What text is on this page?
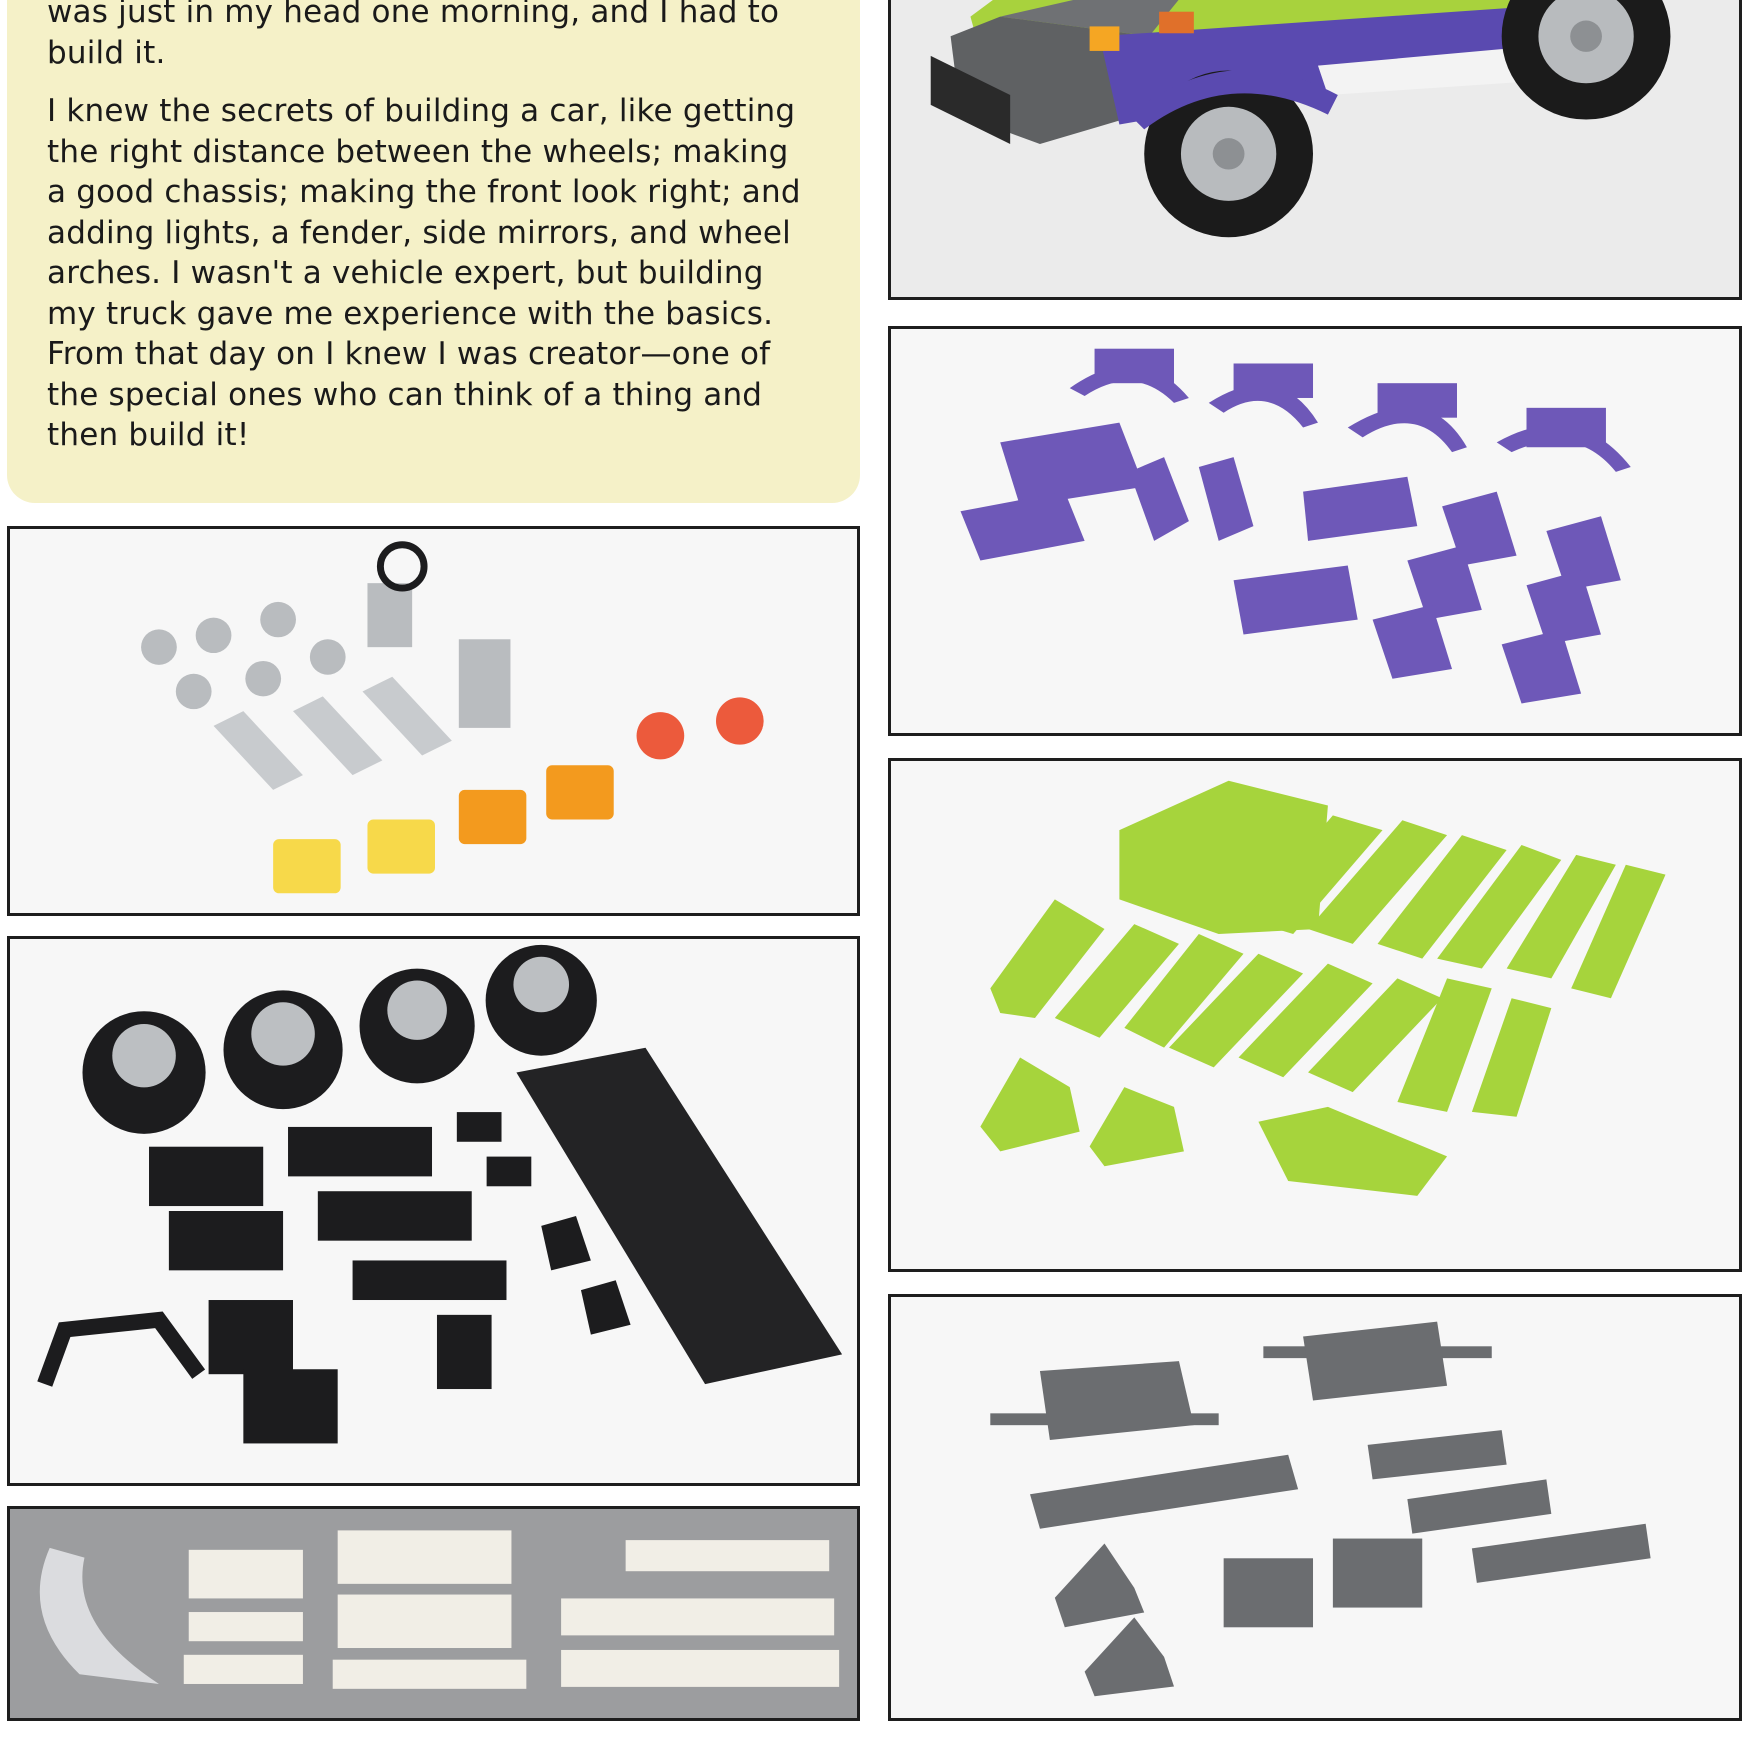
was just in my head one morning, and I had to build it.

I knew the secrets of building a car, like getting the right distance between the wheels; making a good chassis; making the front look right; and adding lights, a fender, side mirrors, and wheel arches. I wasn't a vehicle expert, but building my truck gave me experience with the basics. From that day on I knew I was creator—one of the special ones who can think of a thing and then build it!
